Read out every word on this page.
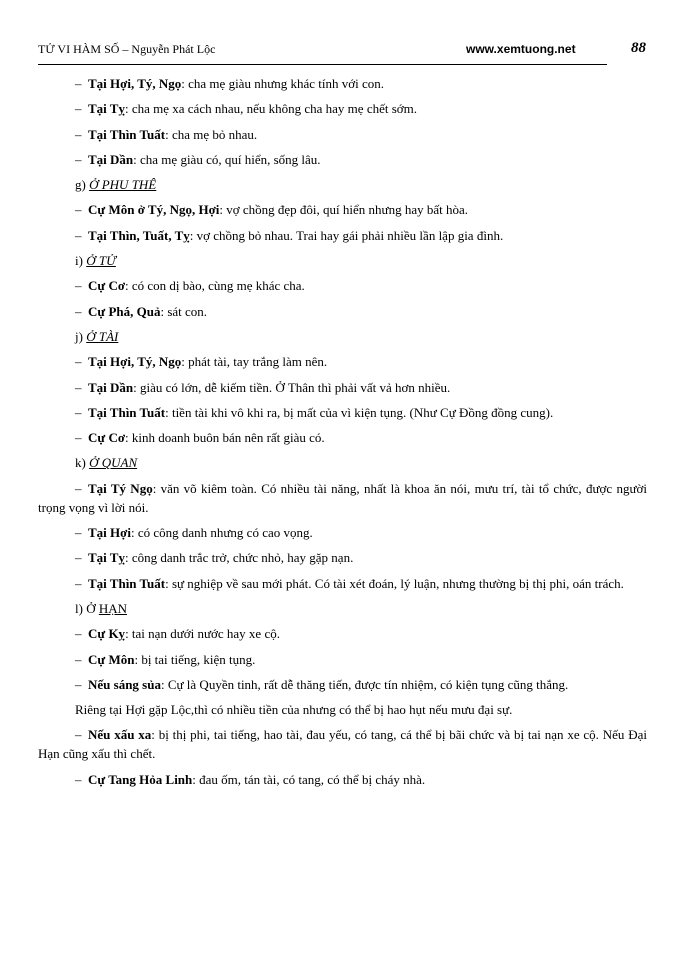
TỬ VI HÀM SỐ – Nguyễn Phát Lộc	www.xemtuong.net	88

–  Tại Hợi, Tý, Ngọ: cha mẹ giàu nhưng khác tính với con.

–  Tại Tỵ: cha mẹ xa cách nhau, nếu không cha hay mẹ chết sớm.

–  Tại Thìn Tuất: cha mẹ bỏ nhau.

–  Tại Dần: cha mẹ giàu có, quí hiển, sống lâu.

g) Ở PHU THÊ

–  Cự Môn ở Tý, Ngọ, Hợi: vợ chồng đẹp đôi, quí hiển nhưng hay bất hòa.

–  Tại Thìn, Tuất, Tỵ: vợ chồng bỏ nhau. Trai hay gái phải nhiều lần lập gia đình.

i) Ở TỬ

–  Cự Cơ: có con dị bào, cùng mẹ khác cha.

–  Cự Phá, Quả: sát con.

j) Ở TÀI

–  Tại Hợi, Tý, Ngọ: phát tài, tay trắng làm nên.

–  Tại Dần: giàu có lớn, dễ kiếm tiền. Ở Thân thì phải vất vả hơn nhiều.

–  Tại Thìn Tuất: tiền tài khi vô khi ra, bị mất của vì kiện tụng. (Như Cự Đồng đồng cung).

–  Cự Cơ: kinh doanh buôn bán nên rất giàu có.

k) Ở QUAN

–  Tại Tý Ngọ: văn võ kiêm toàn. Có nhiều tài năng, nhất là khoa ăn nói, mưu trí, tài tổ chức, được người trọng vọng vì lời nói.

–  Tại Hợi: có công danh nhưng có cao vọng.

–  Tại Tỵ: công danh trắc trở, chức nhỏ, hay gặp nạn.

–  Tại Thìn Tuất: sự nghiệp về sau mới phát. Có tài xét đoán, lý luận, nhưng thường bị thị phi, oán trách.

l) Ở HẠN

–  Cự Kỵ: tai nạn dưới nước hay xe cộ.

–  Cự Môn: bị tai tiếng, kiện tụng.

–  Nếu sáng sủa: Cự là Quyền tinh, rất dễ thăng tiến, được tín nhiệm, có kiện tụng cũng thắng.

Riêng tại Hợi gặp Lộc,thì có nhiều tiền của nhưng có thể bị hao hụt nếu mưu đại sự.

–  Nếu xấu xa: bị thị phi, tai tiếng, hao tài, đau yếu, có tang, cá thể bị bãi chức và bị tai nạn xe cộ. Nếu Đại Hạn cũng xấu thì chết.

–  Cự Tang Hỏa Linh: đau ốm, tán tài, có tang, có thể bị cháy nhà.
